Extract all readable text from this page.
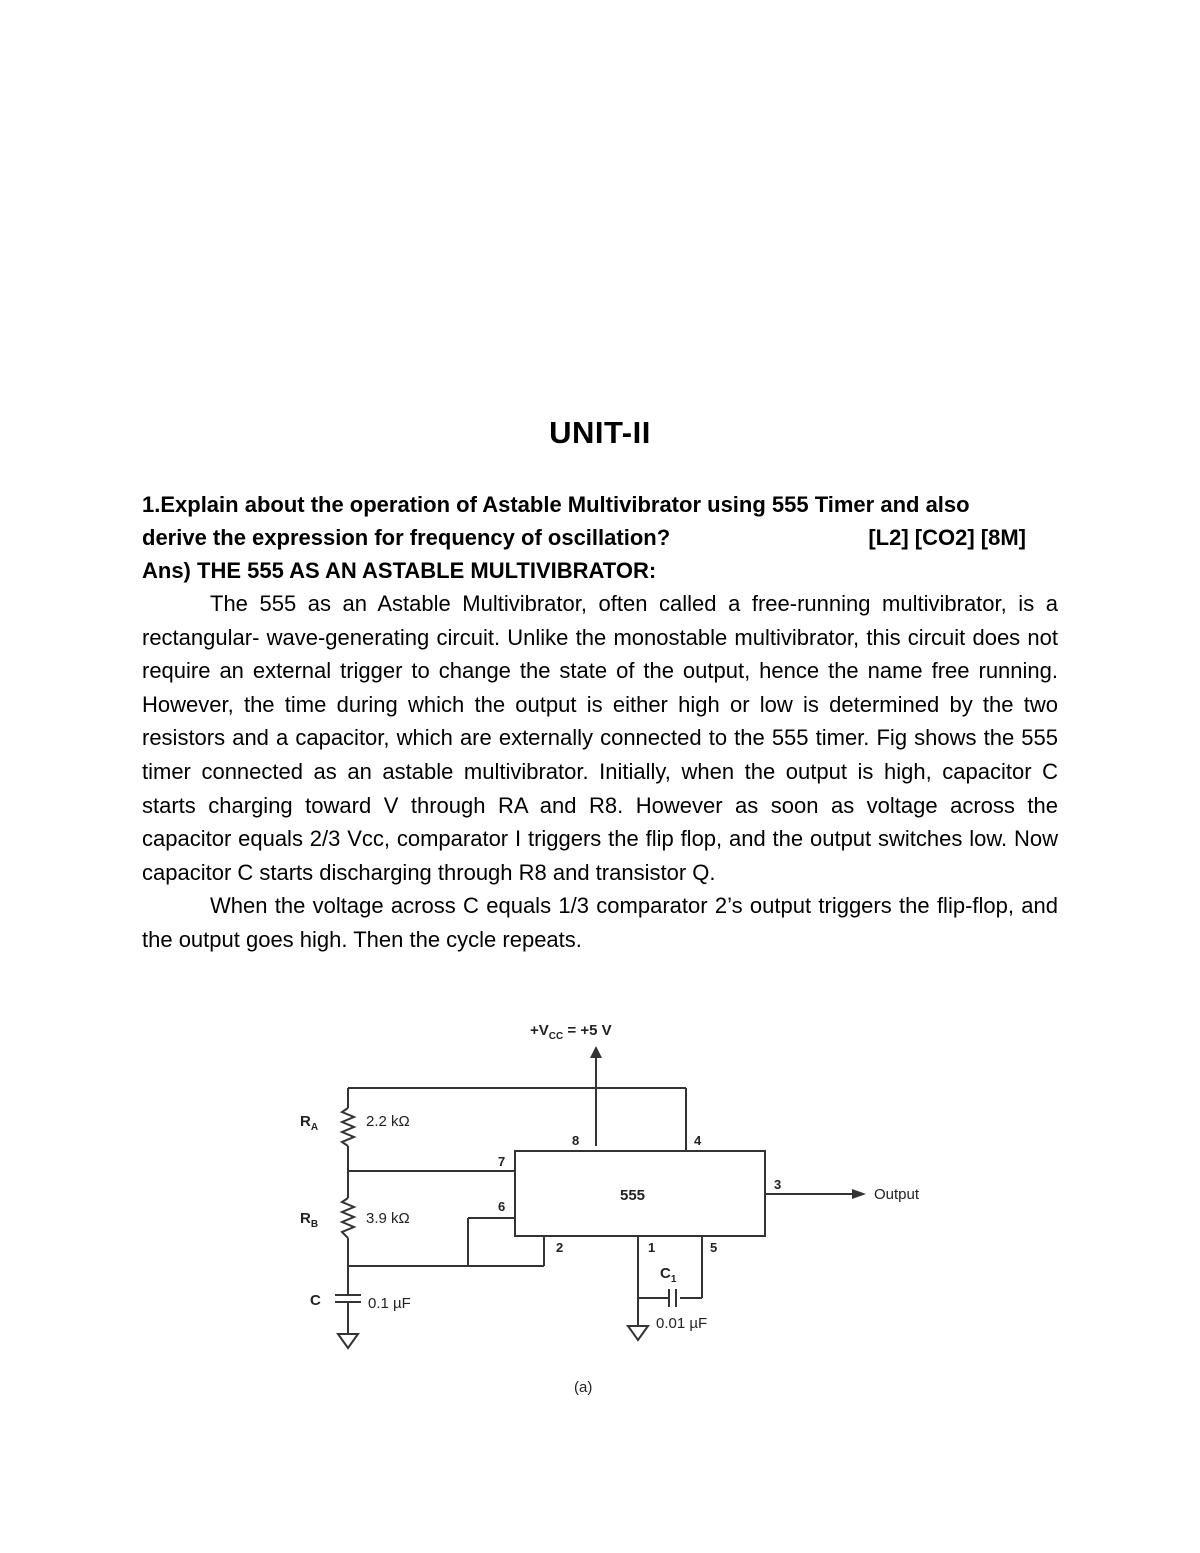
UNIT-II
1.Explain about the operation of Astable Multivibrator using 555 Timer and also
derive the expression for frequency of oscillation?	[L2] [CO2] [8M]
Ans) THE 555 AS AN ASTABLE MULTIVIBRATOR:

The 555 as an Astable Multivibrator, often called a free-running multivibrator, is a rectangular- wave-generating circuit. Unlike the monostable multivibrator, this circuit does not require an external trigger to change the state of the output, hence the name free running. However, the time during which the output is either high or low is determined by the two resistors and a capacitor, which are externally connected to the 555 timer. Fig shows the 555 timer connected as an astable multivibrator. Initially, when the output is high, capacitor C starts charging toward V through RA and R8. However as soon as voltage across the capacitor equals 2/3 Vcc, comparator I triggers the flip flop, and the output switches low. Now capacitor C starts discharging through R8 and transistor Q.

When the voltage across C equals 1/3 comparator 2’s output triggers the flip-flop, and the output goes high. Then the cycle repeats.

$+V_{CC} = +5$ V
$R_A$	2.2 kΩ
$R_B$	3.9 kΩ
C	0.1 µF
555
8	4
7
6
2	1	5
3
Output
$C_1$
0.01 µF
(a)
